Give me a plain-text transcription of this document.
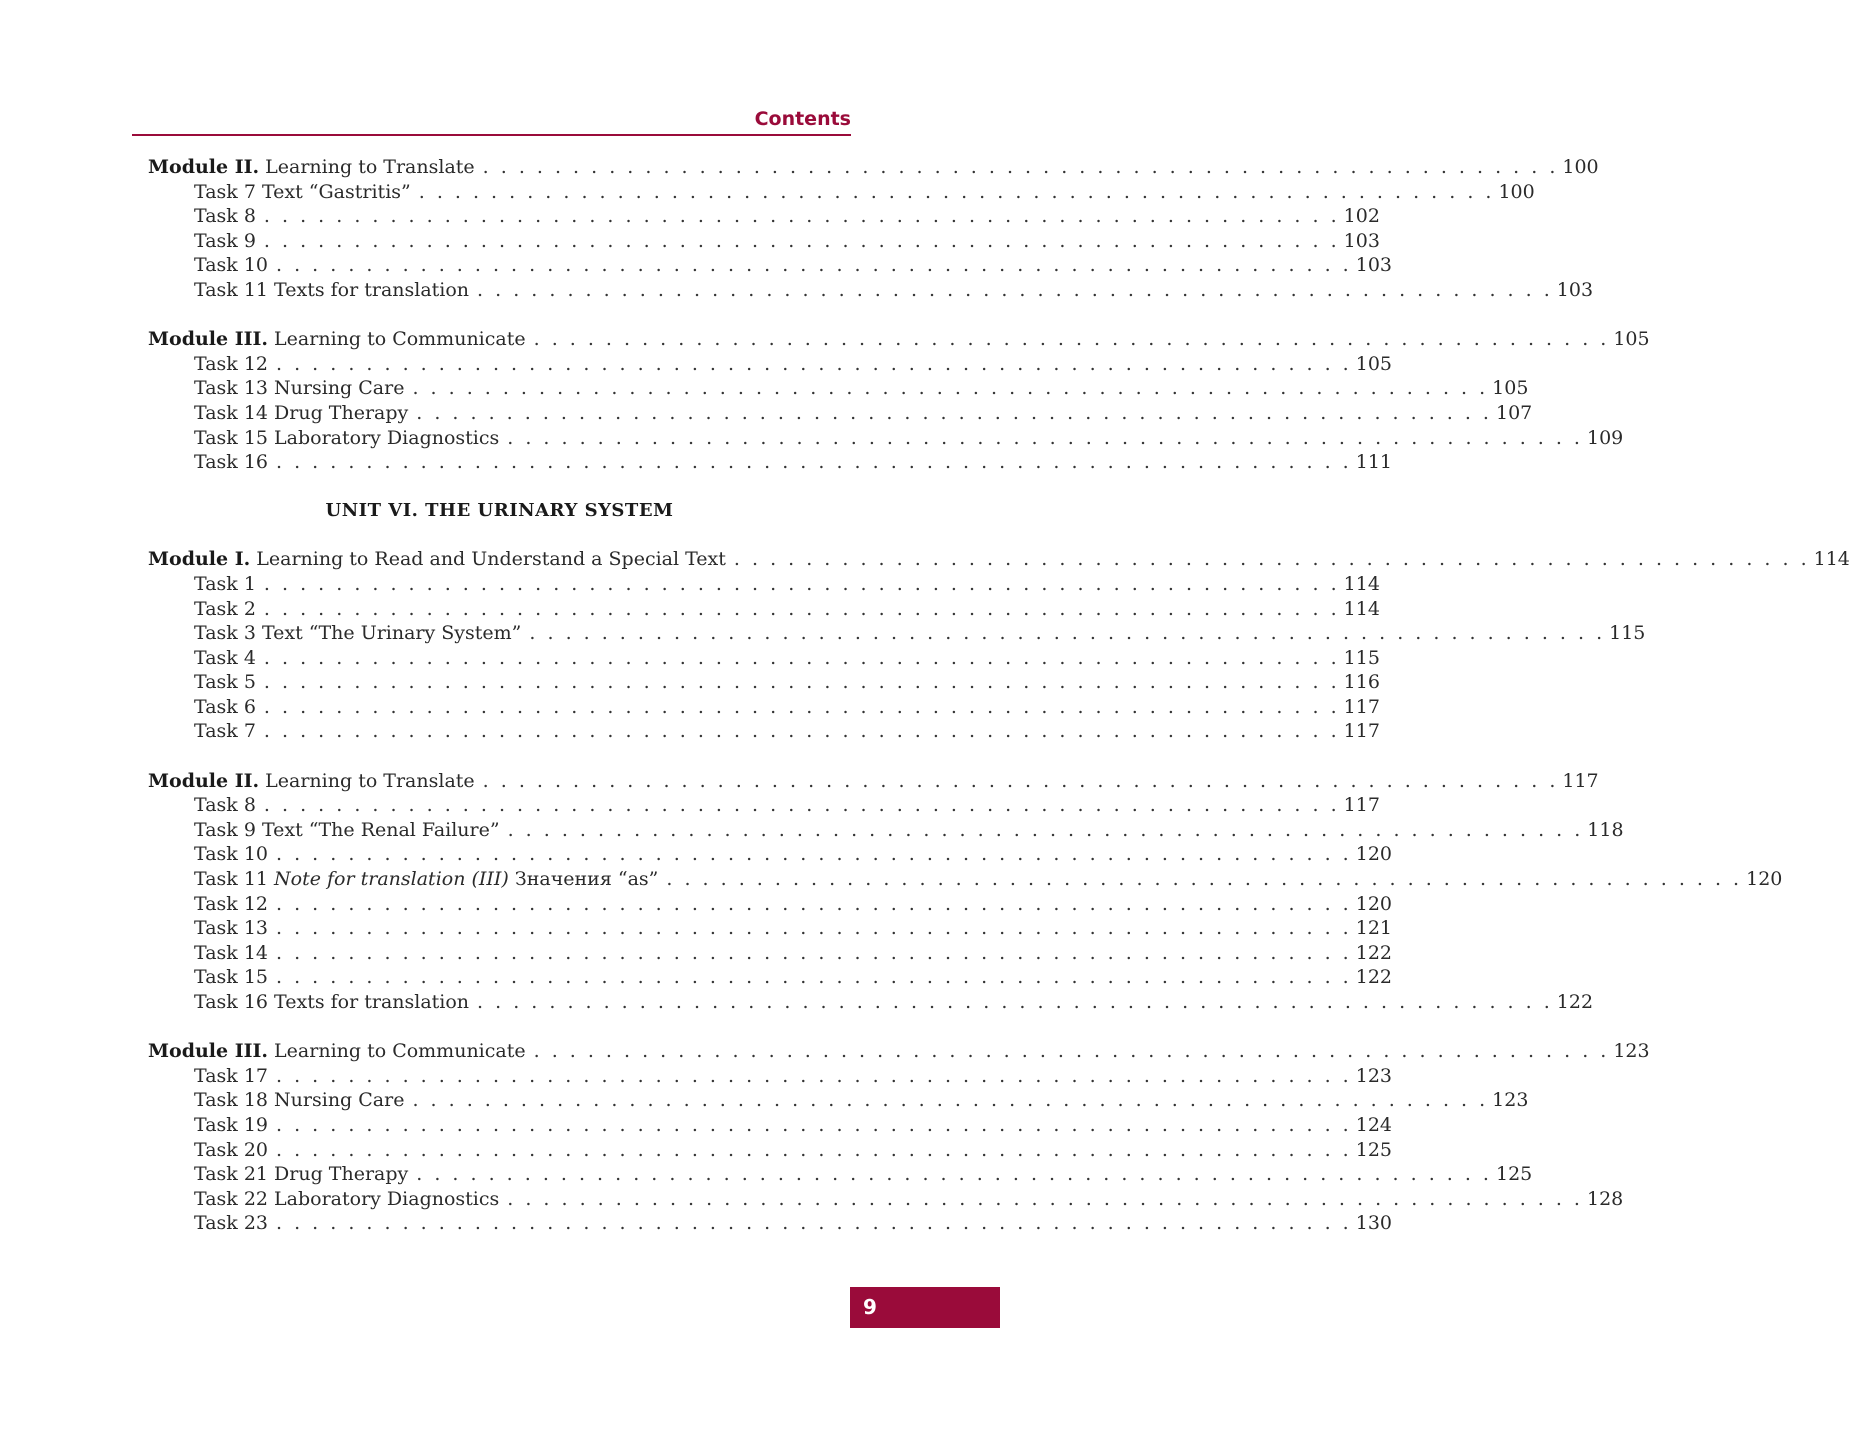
Contents
Module II. Learning to Translate . . . . . . . . . . . . . . . . . . . . . . . . . . . . . . . . . . . . . . . . . . . . . . . . . . . . . . . . . . . . 100
Task 7 Text “Gastritis” . . . . . . . . . . . . . . . . . . . . . . . . . . . . . . . . . . . . . . . . . . . . . . . . . . . . . . . . . . . . 100
Task 8 . . . . . . . . . . . . . . . . . . . . . . . . . . . . . . . . . . . . . . . . . . . . . . . . . . . . . . . . . . . . 102
Task 9 . . . . . . . . . . . . . . . . . . . . . . . . . . . . . . . . . . . . . . . . . . . . . . . . . . . . . . . . . . . . 103
Task 10 . . . . . . . . . . . . . . . . . . . . . . . . . . . . . . . . . . . . . . . . . . . . . . . . . . . . . . . . . . . . 103
Task 11 Texts for translation . . . . . . . . . . . . . . . . . . . . . . . . . . . . . . . . . . . . . . . . . . . . . . . . . . . . . . . . . . . . 103
Module III. Learning to Communicate . . . . . . . . . . . . . . . . . . . . . . . . . . . . . . . . . . . . . . . . . . . . . . . . . . . . . . . . . . . . 105
Task 12 . . . . . . . . . . . . . . . . . . . . . . . . . . . . . . . . . . . . . . . . . . . . . . . . . . . . . . . . . . . . 105
Task 13 Nursing Care . . . . . . . . . . . . . . . . . . . . . . . . . . . . . . . . . . . . . . . . . . . . . . . . . . . . . . . . . . . . 105
Task 14 Drug Therapy . . . . . . . . . . . . . . . . . . . . . . . . . . . . . . . . . . . . . . . . . . . . . . . . . . . . . . . . . . . . 107
Task 15 Laboratory Diagnostics . . . . . . . . . . . . . . . . . . . . . . . . . . . . . . . . . . . . . . . . . . . . . . . . . . . . . . . . . . . . 109
Task 16 . . . . . . . . . . . . . . . . . . . . . . . . . . . . . . . . . . . . . . . . . . . . . . . . . . . . . . . . . . . . 111
UNIT VI. THE URINARY SYSTEM
Module I. Learning to Read and Understand a Special Text . . . . . . . . . . . . . . . . . . . . . . . . . . . . . . . . . . . . . . . . . . . . . . . . . . . . . . . . . . . . 114
Task 1 . . . . . . . . . . . . . . . . . . . . . . . . . . . . . . . . . . . . . . . . . . . . . . . . . . . . . . . . . . . . 114
Task 2 . . . . . . . . . . . . . . . . . . . . . . . . . . . . . . . . . . . . . . . . . . . . . . . . . . . . . . . . . . . . 114
Task 3 Text “The Urinary System” . . . . . . . . . . . . . . . . . . . . . . . . . . . . . . . . . . . . . . . . . . . . . . . . . . . . . . . . . . . . 115
Task 4 . . . . . . . . . . . . . . . . . . . . . . . . . . . . . . . . . . . . . . . . . . . . . . . . . . . . . . . . . . . . 115
Task 5 . . . . . . . . . . . . . . . . . . . . . . . . . . . . . . . . . . . . . . . . . . . . . . . . . . . . . . . . . . . . 116
Task 6 . . . . . . . . . . . . . . . . . . . . . . . . . . . . . . . . . . . . . . . . . . . . . . . . . . . . . . . . . . . . 117
Task 7 . . . . . . . . . . . . . . . . . . . . . . . . . . . . . . . . . . . . . . . . . . . . . . . . . . . . . . . . . . . . 117
Module II. Learning to Translate . . . . . . . . . . . . . . . . . . . . . . . . . . . . . . . . . . . . . . . . . . . . . . . . . . . . . . . . . . . . 117
Task 8 . . . . . . . . . . . . . . . . . . . . . . . . . . . . . . . . . . . . . . . . . . . . . . . . . . . . . . . . . . . . 117
Task 9 Text “The Renal Failure” . . . . . . . . . . . . . . . . . . . . . . . . . . . . . . . . . . . . . . . . . . . . . . . . . . . . . . . . . . . . 118
Task 10 . . . . . . . . . . . . . . . . . . . . . . . . . . . . . . . . . . . . . . . . . . . . . . . . . . . . . . . . . . . . 120
Task 11 Note for translation (III) Значения “as” . . . . . . . . . . . . . . . . . . . . . . . . . . . . . . . . . . . . . . . . . . . . . . . . . . . . . . . . . . . . 120
Task 12 . . . . . . . . . . . . . . . . . . . . . . . . . . . . . . . . . . . . . . . . . . . . . . . . . . . . . . . . . . . . 120
Task 13 . . . . . . . . . . . . . . . . . . . . . . . . . . . . . . . . . . . . . . . . . . . . . . . . . . . . . . . . . . . . 121
Task 14 . . . . . . . . . . . . . . . . . . . . . . . . . . . . . . . . . . . . . . . . . . . . . . . . . . . . . . . . . . . . 122
Task 15 . . . . . . . . . . . . . . . . . . . . . . . . . . . . . . . . . . . . . . . . . . . . . . . . . . . . . . . . . . . . 122
Task 16 Texts for translation . . . . . . . . . . . . . . . . . . . . . . . . . . . . . . . . . . . . . . . . . . . . . . . . . . . . . . . . . . . . 122
Module III. Learning to Communicate . . . . . . . . . . . . . . . . . . . . . . . . . . . . . . . . . . . . . . . . . . . . . . . . . . . . . . . . . . . . 123
Task 17 . . . . . . . . . . . . . . . . . . . . . . . . . . . . . . . . . . . . . . . . . . . . . . . . . . . . . . . . . . . . 123
Task 18 Nursing Care . . . . . . . . . . . . . . . . . . . . . . . . . . . . . . . . . . . . . . . . . . . . . . . . . . . . . . . . . . . . 123
Task 19 . . . . . . . . . . . . . . . . . . . . . . . . . . . . . . . . . . . . . . . . . . . . . . . . . . . . . . . . . . . . 124
Task 20 . . . . . . . . . . . . . . . . . . . . . . . . . . . . . . . . . . . . . . . . . . . . . . . . . . . . . . . . . . . . 125
Task 21 Drug Therapy . . . . . . . . . . . . . . . . . . . . . . . . . . . . . . . . . . . . . . . . . . . . . . . . . . . . . . . . . . . . 125
Task 22 Laboratory Diagnostics . . . . . . . . . . . . . . . . . . . . . . . . . . . . . . . . . . . . . . . . . . . . . . . . . . . . . . . . . . . . 128
Task 23 . . . . . . . . . . . . . . . . . . . . . . . . . . . . . . . . . . . . . . . . . . . . . . . . . . . . . . . . . . . . 130
9
